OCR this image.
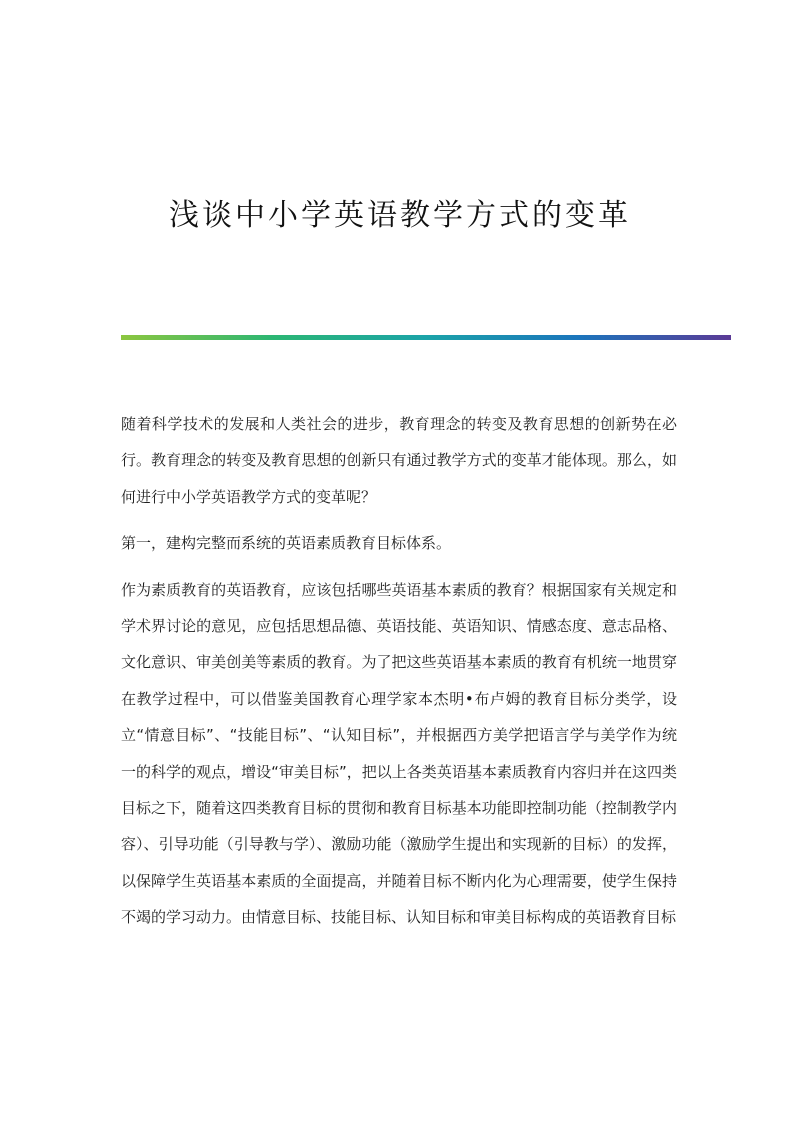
浅谈中小学英语教学方式的变革

随着科学技术的发展和人类社会的进步，教育理念的转变及教育思想的创新势在必行。教育理念的转变及教育思想的创新只有通过教学方式的变革才能体现。那么，如何进行中小学英语教学方式的变革呢？

第一，建构完整而系统的英语素质教育目标体系。

作为素质教育的英语教育，应该包括哪些英语基本素质的教育？根据国家有关规定和学术界讨论的意见，应包括思想品德、英语技能、英语知识、情感态度、意志品格、文化意识、审美创美等素质的教育。为了把这些英语基本素质的教育有机统一地贯穿在教学过程中，可以借鉴美国教育心理学家本杰明•布卢姆的教育目标分类学，设立“情意目标”、“技能目标”、“认知目标”，并根据西方美学把语言学与美学作为统一的科学的观点，增设“审美目标”，把以上各类英语基本素质教育内容归并在这四类目标之下，随着这四类教育目标的贯彻和教育目标基本功能即控制功能（控制教学内容）、引导功能（引导教与学）、激励功能（激励学生提出和实现新的目标）的发挥，以保障学生英语基本素质的全面提高，并随着目标不断内化为心理需要，使学生保持不竭的学习动力。由情意目标、技能目标、认知目标和审美目标构成的英语教育目标
